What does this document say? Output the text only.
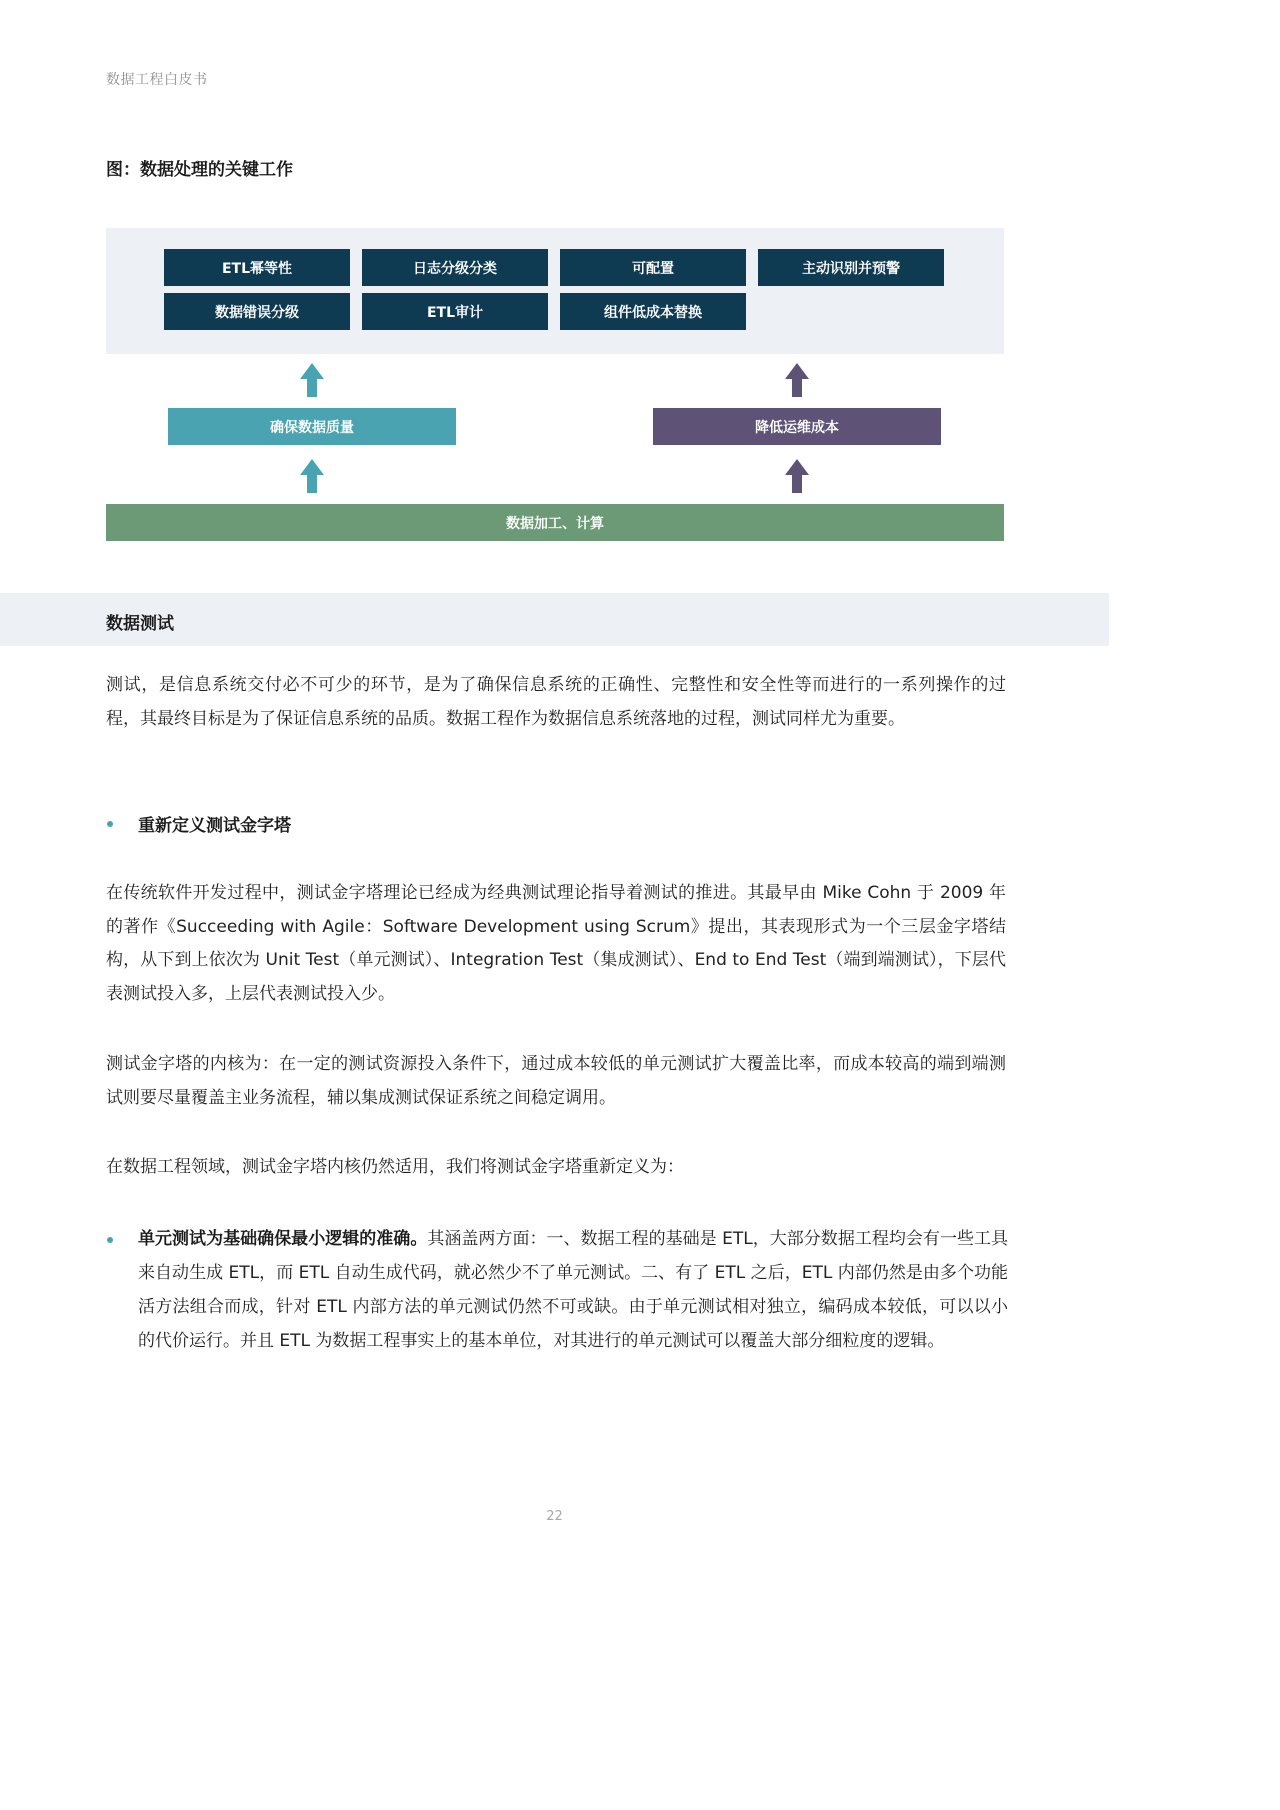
数据工程白皮书
图：数据处理的关键工作
ETL幂等性	日志分级分类	可配置	主动识别并预警
数据错误分级	ETL审计	组件低成本替换
确保数据质量	降低运维成本
数据加工、计算
数据测试
测试，是信息系统交付必不可少的环节，是为了确保信息系统的正确性、完整性和安全性等而进行的一系列操作的过程，其最终目标是为了保证信息系统的品质。数据工程作为数据信息系统落地的过程，测试同样尤为重要。
重新定义测试金字塔
在传统软件开发过程中，测试金字塔理论已经成为经典测试理论指导着测试的推进。其最早由 Mike Cohn 于 2009 年的著作《Succeeding with Agile：Software Development using Scrum》提出，其表现形式为一个三层金字塔结构，从下到上依次为 Unit Test（单元测试）、Integration Test（集成测试）、End to End Test（端到端测试），下层代表测试投入多，上层代表测试投入少。
测试金字塔的内核为：在一定的测试资源投入条件下，通过成本较低的单元测试扩大覆盖比率，而成本较高的端到端测试则要尽量覆盖主业务流程，辅以集成测试保证系统之间稳定调用。
在数据工程领域，测试金字塔内核仍然适用，我们将测试金字塔重新定义为：
单元测试为基础确保最小逻辑的准确。其涵盖两方面：一、数据工程的基础是 ETL，大部分数据工程均会有一些工具来自动生成 ETL，而 ETL 自动生成代码，就必然少不了单元测试。二、有了 ETL 之后，ETL 内部仍然是由多个功能活方法组合而成，针对 ETL 内部方法的单元测试仍然不可或缺。由于单元测试相对独立，编码成本较低，可以以小的代价运行。并且 ETL 为数据工程事实上的基本单位，对其进行的单元测试可以覆盖大部分细粒度的逻辑。
22
